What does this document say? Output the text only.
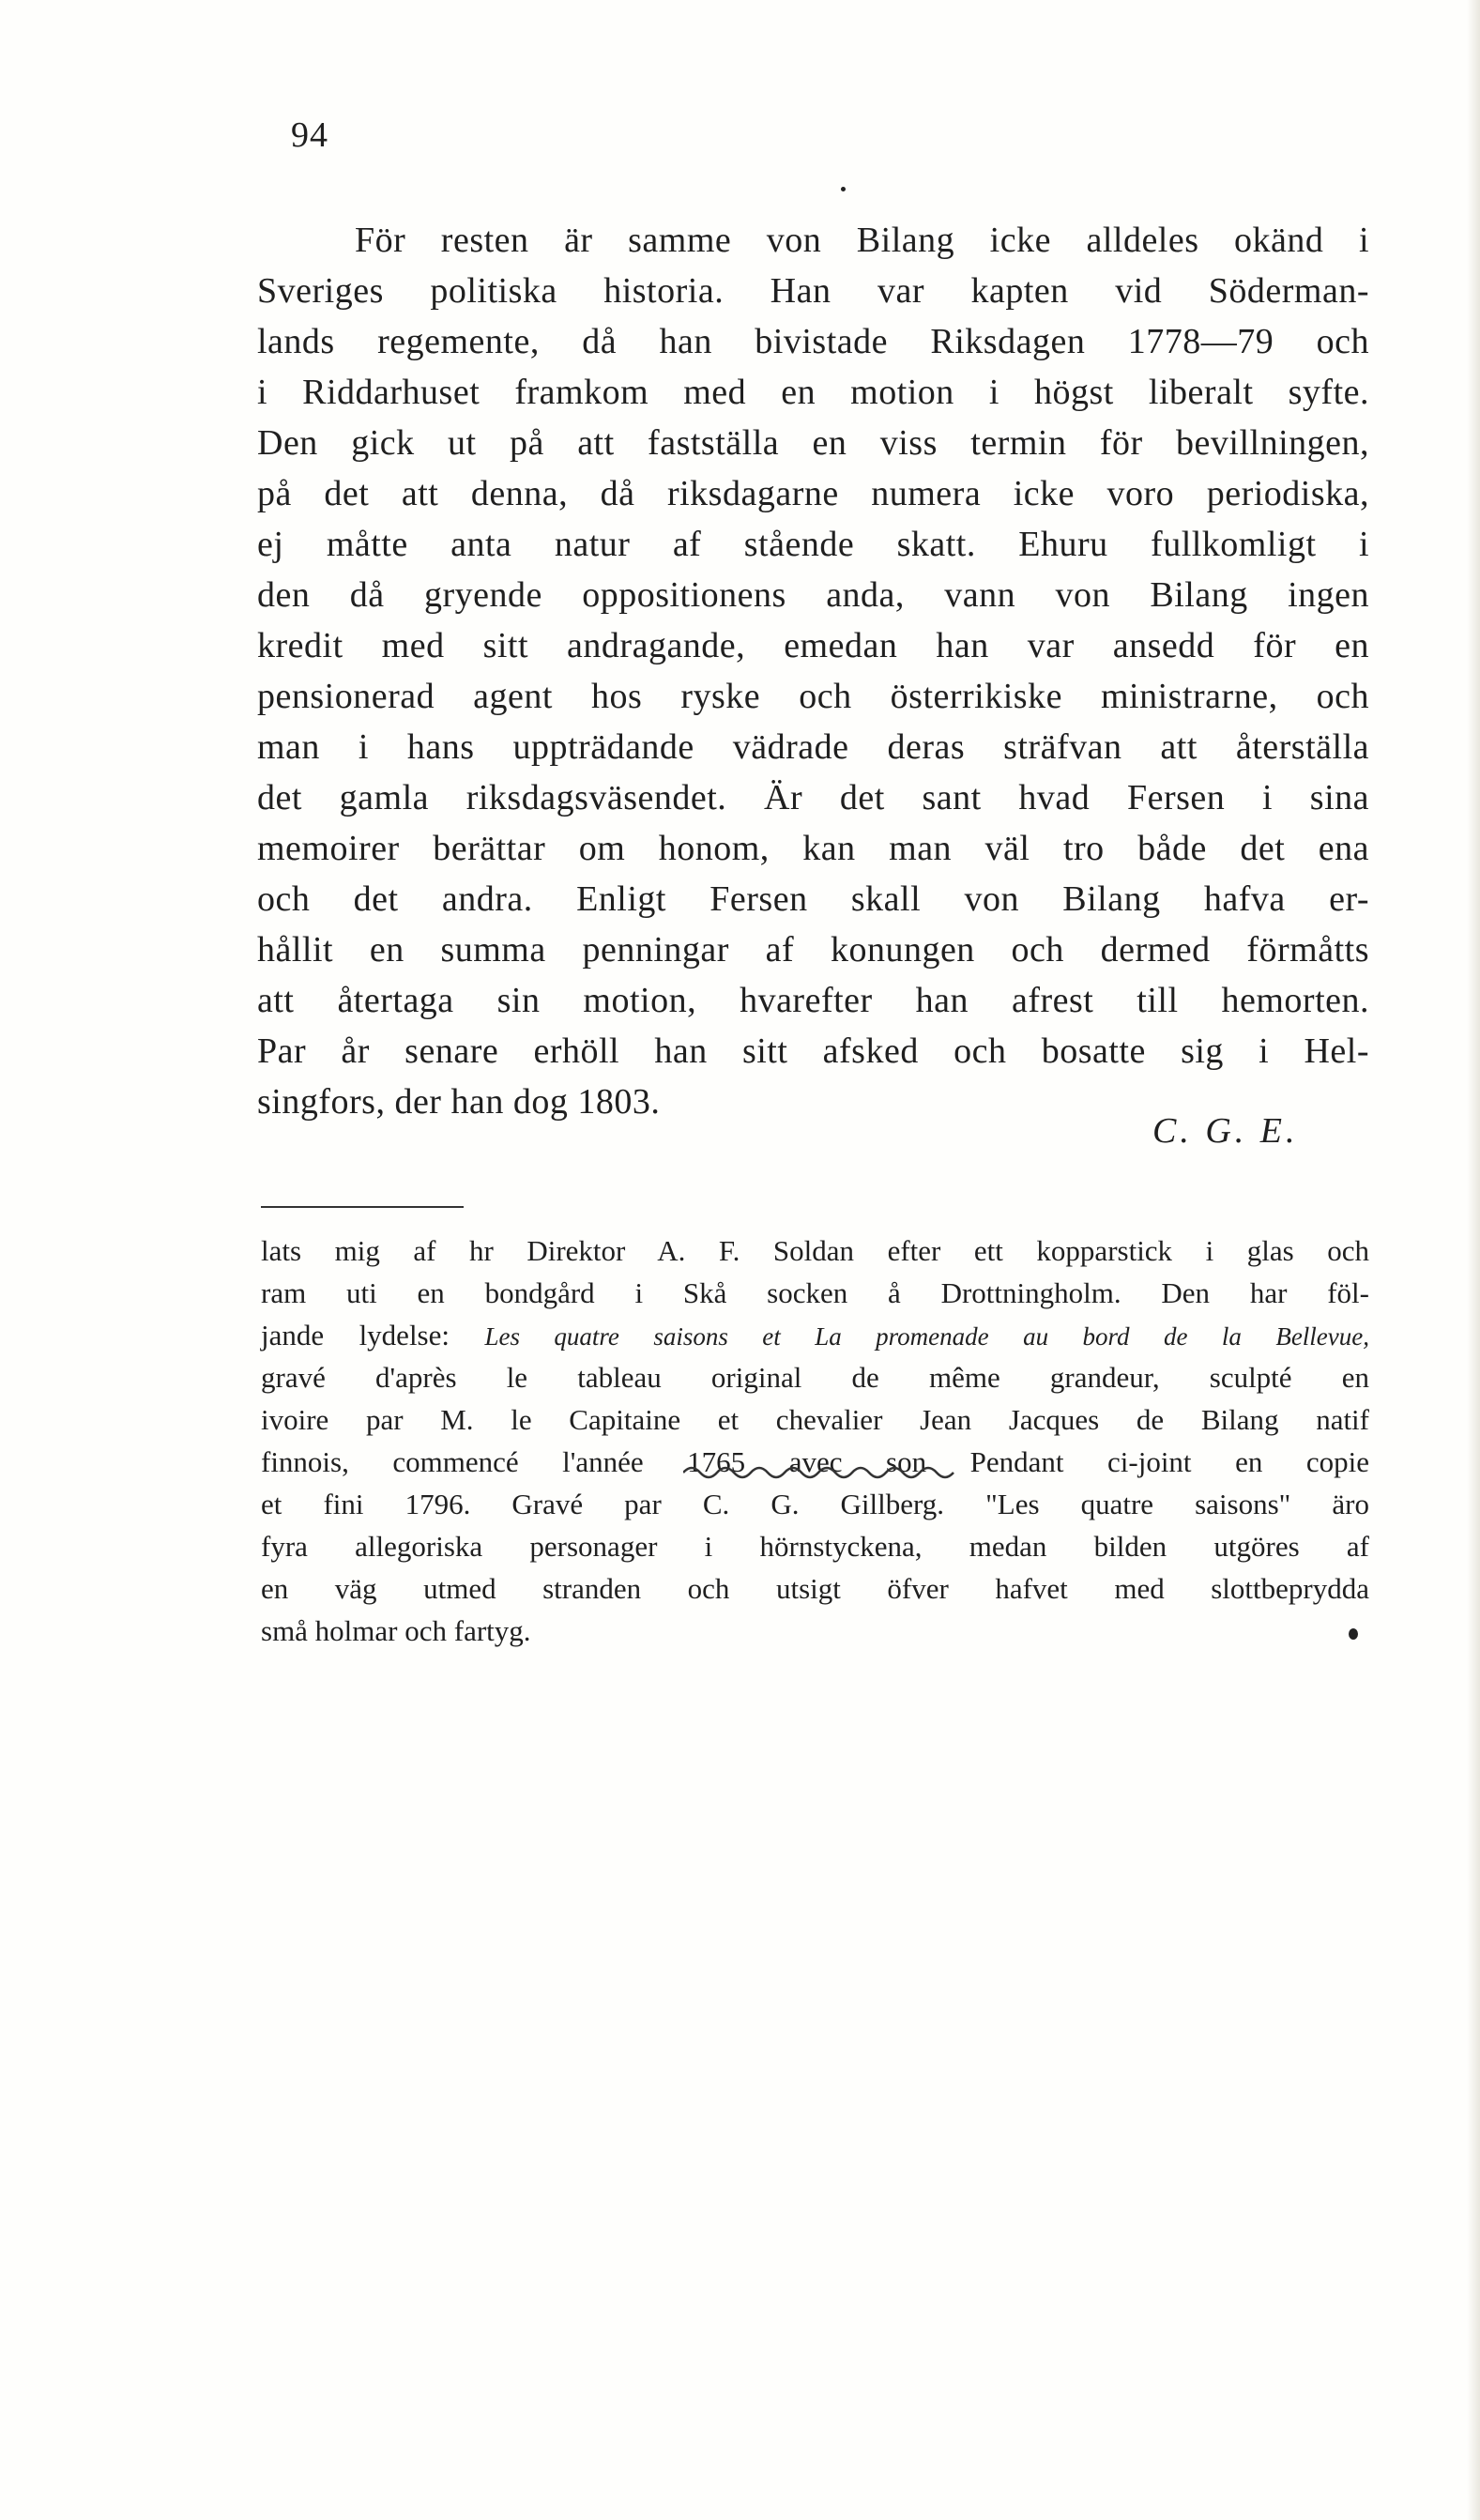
94
För resten är samme von Bilang icke alldeles okänd i
Sveriges politiska historia. Han var kapten vid Söderman-
lands regemente, då han bivistade Riksdagen 1778—79 och
i Riddarhuset framkom med en motion i högst liberalt syfte.
Den gick ut på att fastställa en viss termin för bevillningen,
på det att denna, då riksdagarne numera icke voro periodiska,
ej måtte anta natur af stående skatt. Ehuru fullkomligt i
den då gryende oppositionens anda, vann von Bilang ingen
kredit med sitt andragande, emedan han var ansedd för en
pensionerad agent hos ryske och österrikiske ministrarne, och
man i hans uppträdande vädrade deras sträfvan att återställa
det gamla riksdagsväsendet. Är det sant hvad Fersen i sina
memoirer berättar om honom, kan man väl tro både det ena
och det andra. Enligt Fersen skall von Bilang hafva er-
hållit en summa penningar af konungen och dermed förmåtts
att återtaga sin motion, hvarefter han afrest till hemorten.
Par år senare erhöll han sitt afsked och bosatte sig i Hel-
singfors, der han dog 1803.
C. G. E.
lats mig af hr Direktor A. F. Soldan efter ett kopparstick i glas och
ram uti en bondgård i Skå socken å Drottningholm. Den har föl-
jande lydelse: Les quatre saisons et La promenade au bord de la Bellevue,
gravé d'après le tableau original de même grandeur, sculpté en
ivoire par M. le Capitaine et chevalier Jean Jacques de Bilang natif
finnois, commencé l'année 1765 avec son Pendant ci-joint en copie
et fini 1796. Gravé par C. G. Gillberg. "Les quatre saisons" äro
fyra allegoriska personager i hörnstyckena, medan bilden utgöres af
en väg utmed stranden och utsigt öfver hafvet med slottbeprydda
små holmar och fartyg.
